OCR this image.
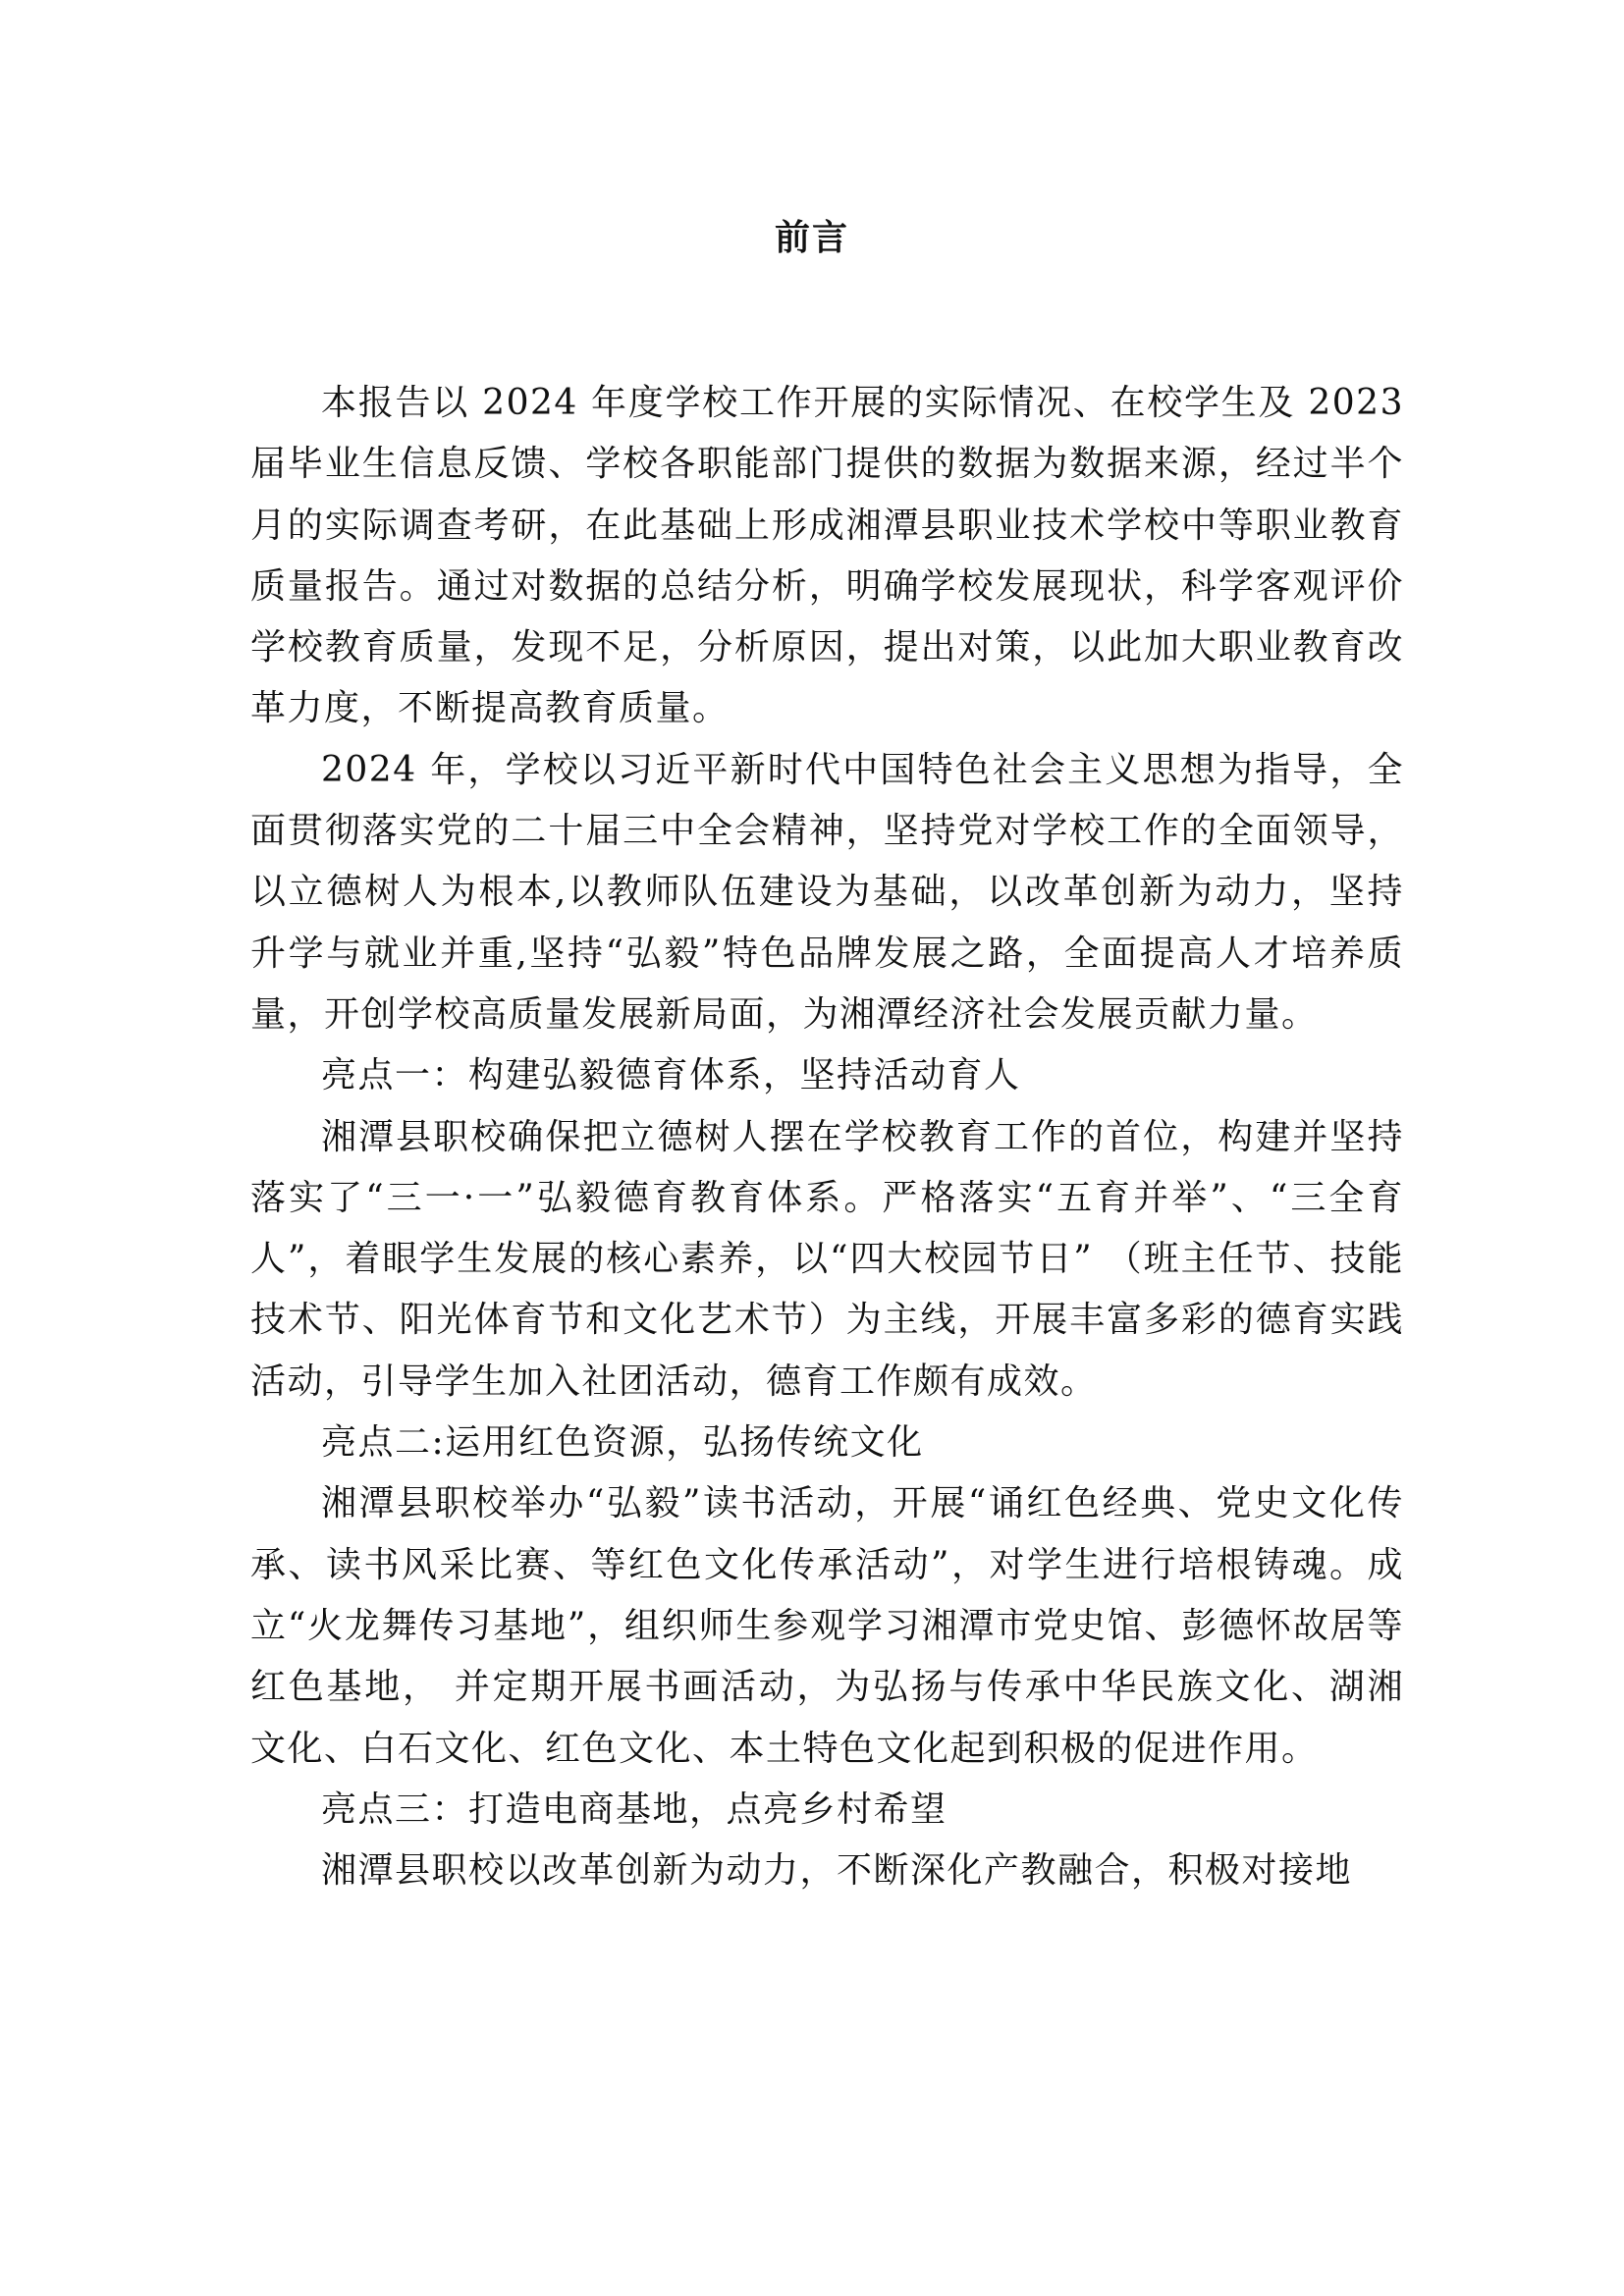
前言

本报告以 2024 年度学校工作开展的实际情况、在校学生及 2023 届毕业生信息反馈、学校各职能部门提供的数据为数据来源，经过半个月的实际调查考研，在此基础上形成湘潭县职业技术学校中等职业教育质量报告。通过对数据的总结分析，明确学校发展现状，科学客观评价学校教育质量，发现不足，分析原因，提出对策，以此加大职业教育改革力度，不断提高教育质量。

2024 年，学校以习近平新时代中国特色社会主义思想为指导，全面贯彻落实党的二十届三中全会精神，坚持党对学校工作的全面领导，以立德树人为根本,以教师队伍建设为基础，以改革创新为动力，坚持升学与就业并重,坚持“弘毅”特色品牌发展之路，全面提高人才培养质量，开创学校高质量发展新局面，为湘潭经济社会发展贡献力量。

亮点一：构建弘毅德育体系，坚持活动育人

湘潭县职校确保把立德树人摆在学校教育工作的首位，构建并坚持落实了“三一·一”弘毅德育教育体系。严格落实“五育并举”、“三全育人”，着眼学生发展的核心素养，以“四大校园节日” （班主任节、技能技术节、阳光体育节和文化艺术节）为主线，开展丰富多彩的德育实践活动，引导学生加入社团活动，德育工作颇有成效。

亮点二:运用红色资源，弘扬传统文化

湘潭县职校举办“弘毅”读书活动，开展“诵红色经典、党史文化传承、读书风采比赛、等红色文化传承活动”，对学生进行培根铸魂。成立“火龙舞传习基地”，组织师生参观学习湘潭市党史馆、彭德怀故居等红色基地， 并定期开展书画活动，为弘扬与传承中华民族文化、湖湘文化、白石文化、红色文化、本土特色文化起到积极的促进作用。

亮点三：打造电商基地，点亮乡村希望

湘潭县职校以改革创新为动力，不断深化产教融合，积极对接地
